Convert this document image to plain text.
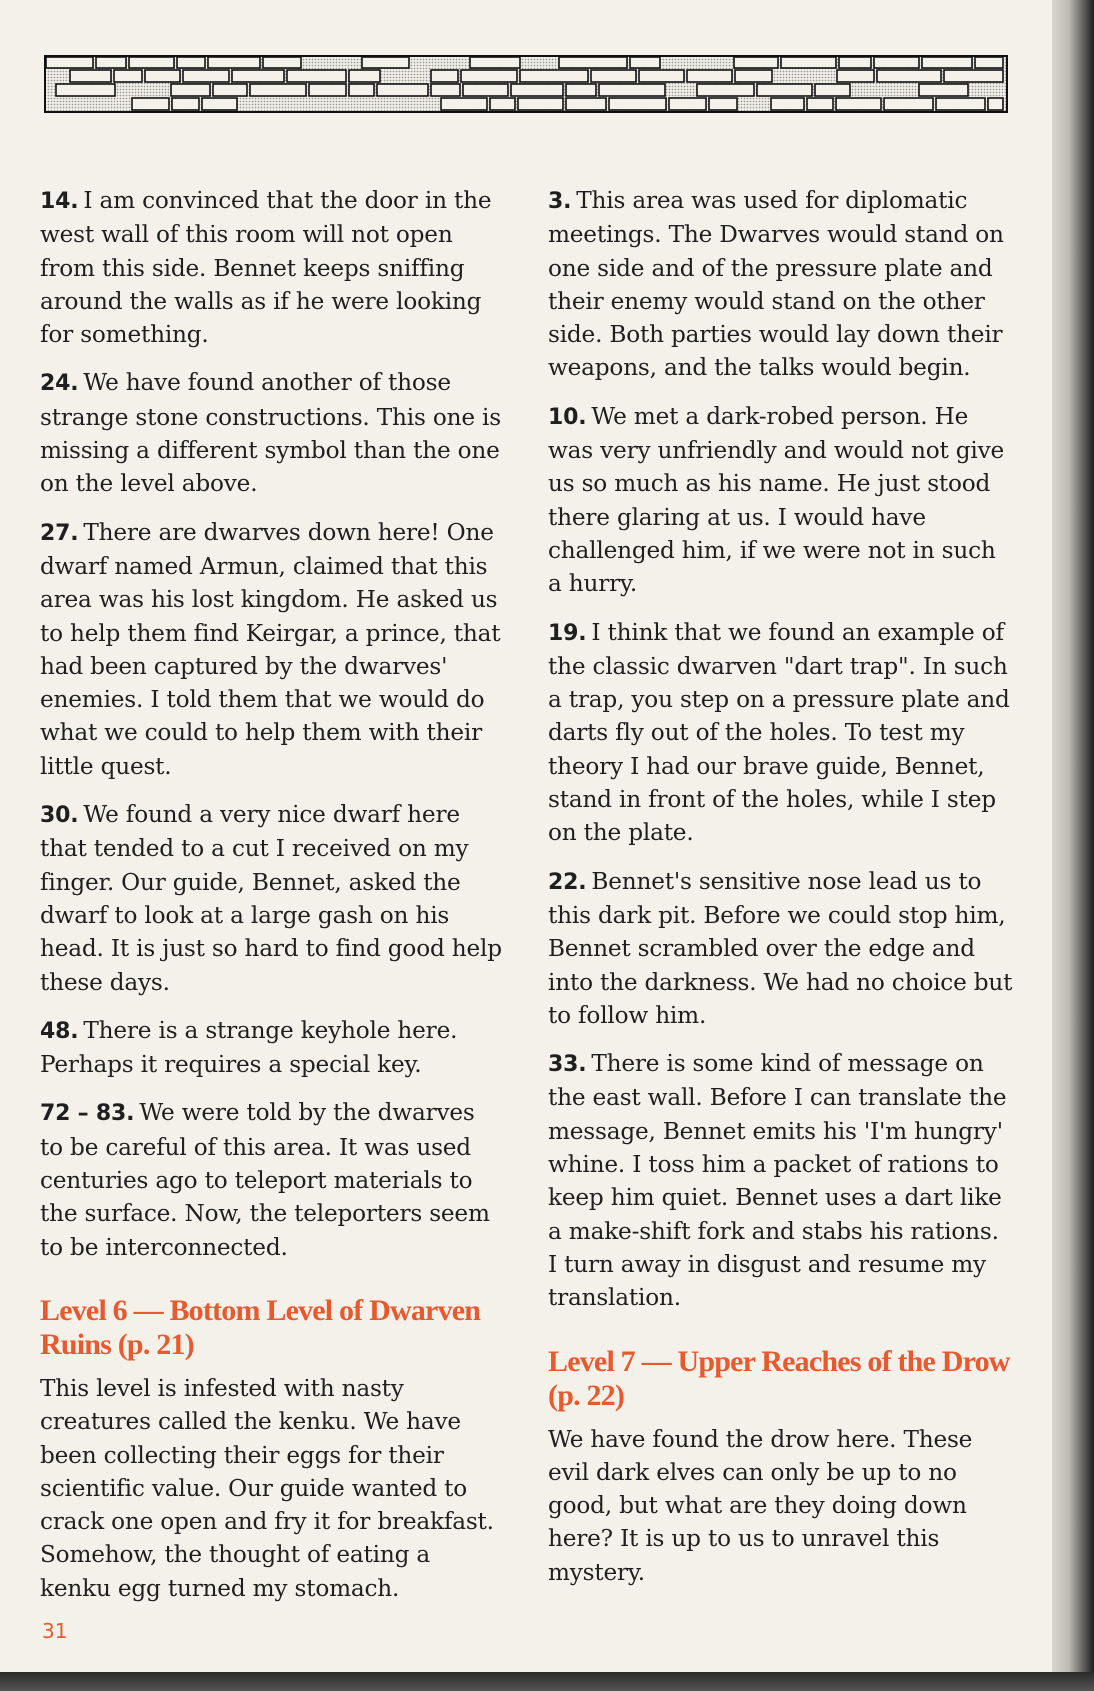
14. I am convinced that the door in the west wall of this room will not open from this side. Bennet keeps sniffing around the walls as if he were looking for something.
24. We have found another of those strange stone constructions. This one is missing a different symbol than the one on the level above.
27. There are dwarves down here! One dwarf named Armun, claimed that this area was his lost kingdom. He asked us to help them find Keirgar, a prince, that had been captured by the dwarves' enemies. I told them that we would do what we could to help them with their little quest.
30. We found a very nice dwarf here that tended to a cut I received on my finger. Our guide, Bennet, asked the dwarf to look at a large gash on his head. It is just so hard to find good help these days.
48. There is a strange keyhole here. Perhaps it requires a special key.
72 – 83. We were told by the dwarves to be careful of this area. It was used centuries ago to teleport materials to the surface. Now, the teleporters seem to be interconnected.
Level 6 — Bottom Level of Dwarven Ruins (p. 21)
This level is infested with nasty creatures called the kenku. We have been collecting their eggs for their scientific value. Our guide wanted to crack one open and fry it for breakfast. Somehow, the thought of eating a kenku egg turned my stomach.
3. This area was used for diplomatic meetings. The Dwarves would stand on one side and of the pressure plate and their enemy would stand on the other side. Both parties would lay down their weapons, and the talks would begin.
10. We met a dark-robed person. He was very unfriendly and would not give us so much as his name. He just stood there glaring at us. I would have challenged him, if we were not in such a hurry.
19. I think that we found an example of the classic dwarven "dart trap". In such a trap, you step on a pressure plate and darts fly out of the holes. To test my theory I had our brave guide, Bennet, stand in front of the holes, while I step on the plate.
22. Bennet's sensitive nose lead us to this dark pit. Before we could stop him, Bennet scrambled over the edge and into the darkness. We had no choice but to follow him.
33. There is some kind of message on the east wall. Before I can translate the message, Bennet emits his 'I'm hungry' whine. I toss him a packet of rations to keep him quiet. Bennet uses a dart like a make-shift fork and stabs his rations. I turn away in disgust and resume my translation.
Level 7 — Upper Reaches of the Drow (p. 22)
We have found the drow here. These evil dark elves can only be up to no good, but what are they doing down here? It is up to us to unravel this mystery.
31
